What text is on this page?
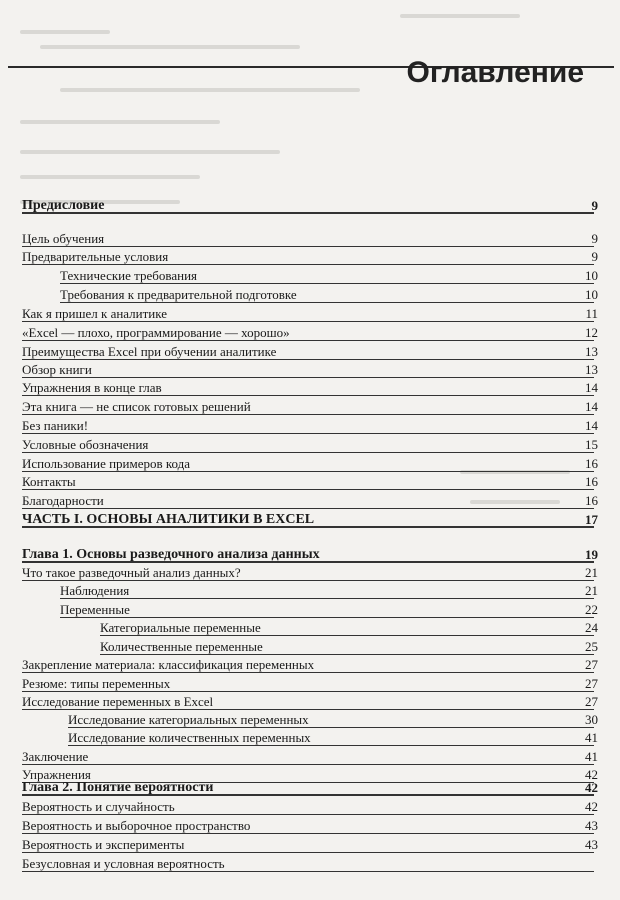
Оглавление
Предисловие	9
Цель обучения	9
Предварительные условия	9
Технические требования	10
Требования к предварительной подготовке	10
Как я пришел к аналитике	11
«Excel — плохо, программирование — хорошо»	12
Преимущества Excel при обучении аналитике	13
Обзор книги	13
Упражнения в конце глав	14
Эта книга — не список готовых решений	14
Без паники!	14
Условные обозначения	15
Использование примеров кода	16
Контакты	16
Благодарности	16
ЧАСТЬ I. ОСНОВЫ АНАЛИТИКИ В EXCEL	17
Глава 1. Основы разведочного анализа данных	19
Что такое разведочный анализ данных?	21
Наблюдения	21
Переменные	22
Категориальные переменные	24
Количественные переменные	25
Закрепление материала: классификация переменных	27
Резюме: типы переменных	27
Исследование переменных в Excel	27
Исследование категориальных переменных	30
Исследование количественных переменных	41
Заключение	41
Упражнения	42
Глава 2. Понятие вероятности	42
Вероятность и случайность	42
Вероятность и выборочное пространство	43
Вероятность и эксперименты	43
Безусловная и условная вероятность
